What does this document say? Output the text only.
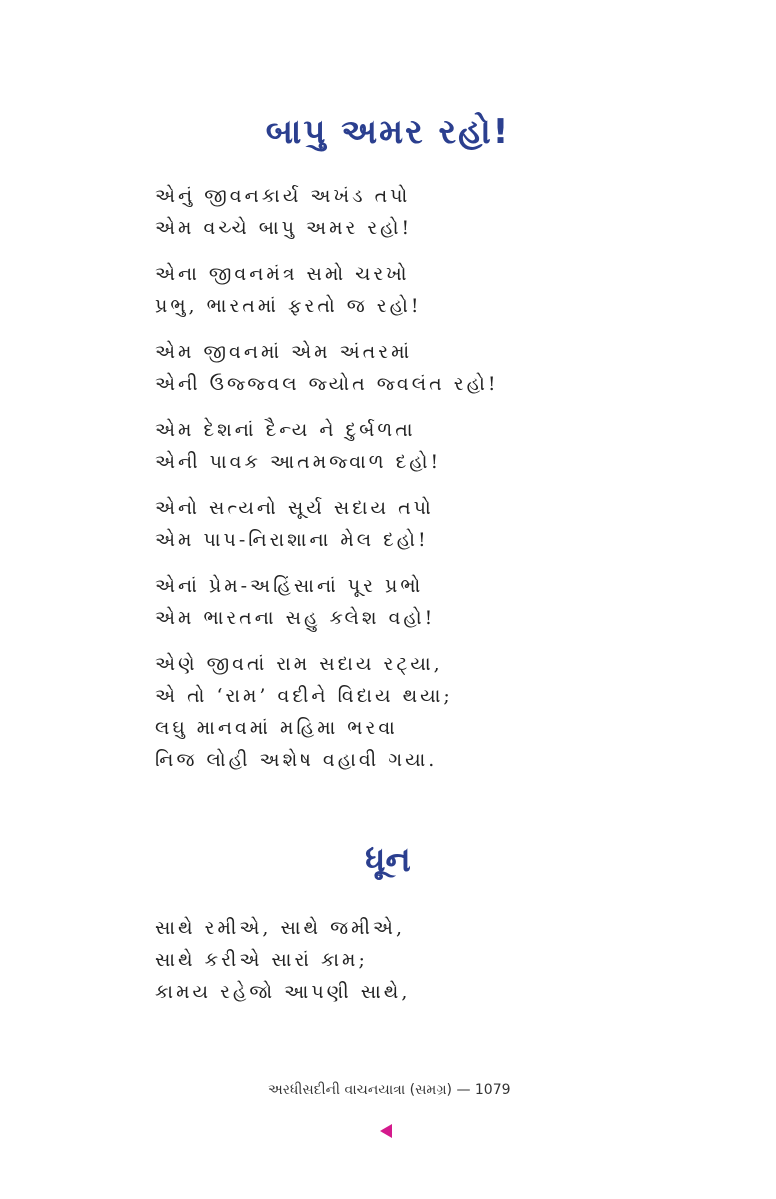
બાપુ અમર રહો!
એનું જીવનકાર્ય અખંડ તપો
એમ વચ્ચે બાપુ અમર રહો!
એના જીવનમંત્ર સમો ચરખો
પ્રભુ, ભારતમાં ફરતો જ રહો!
એમ જીવનમાં એમ અંતરમાં
એની ઉજ્જ્વલ જ્યોત જ્વલંત રહો!
એમ દેશનાં દૈન્ય ને દુર્બળતા
એની પાવક આતમજ્વાળ દહો!
એનો સત્યનો સૂર્ય સદાય તપો
એમ પાપ-નિરાશાના મેલ દહો!
એનાં પ્રેમ-અહિંસાનાં પૂર પ્રભો
એમ ભારતના સહુ ક્લેશ વહો!
એણે જીવતાં રામ સદાય રટ્યા,
એ તો ‘રામ’ વદીને વિદાય થયા;
લઘુ માનવમાં મહિમા ભરવા
નિજ લોહી અશેષ વહાવી ગયા.
ધૂન
સાથે રમીએ, સાથે જમીએ,
સાથે કરીએ સારાં કામ;
કામય રહેજો આપણી સાથે,
અરધીસદીની વાચનયાત્રા (સમગ્ર) — 1079
